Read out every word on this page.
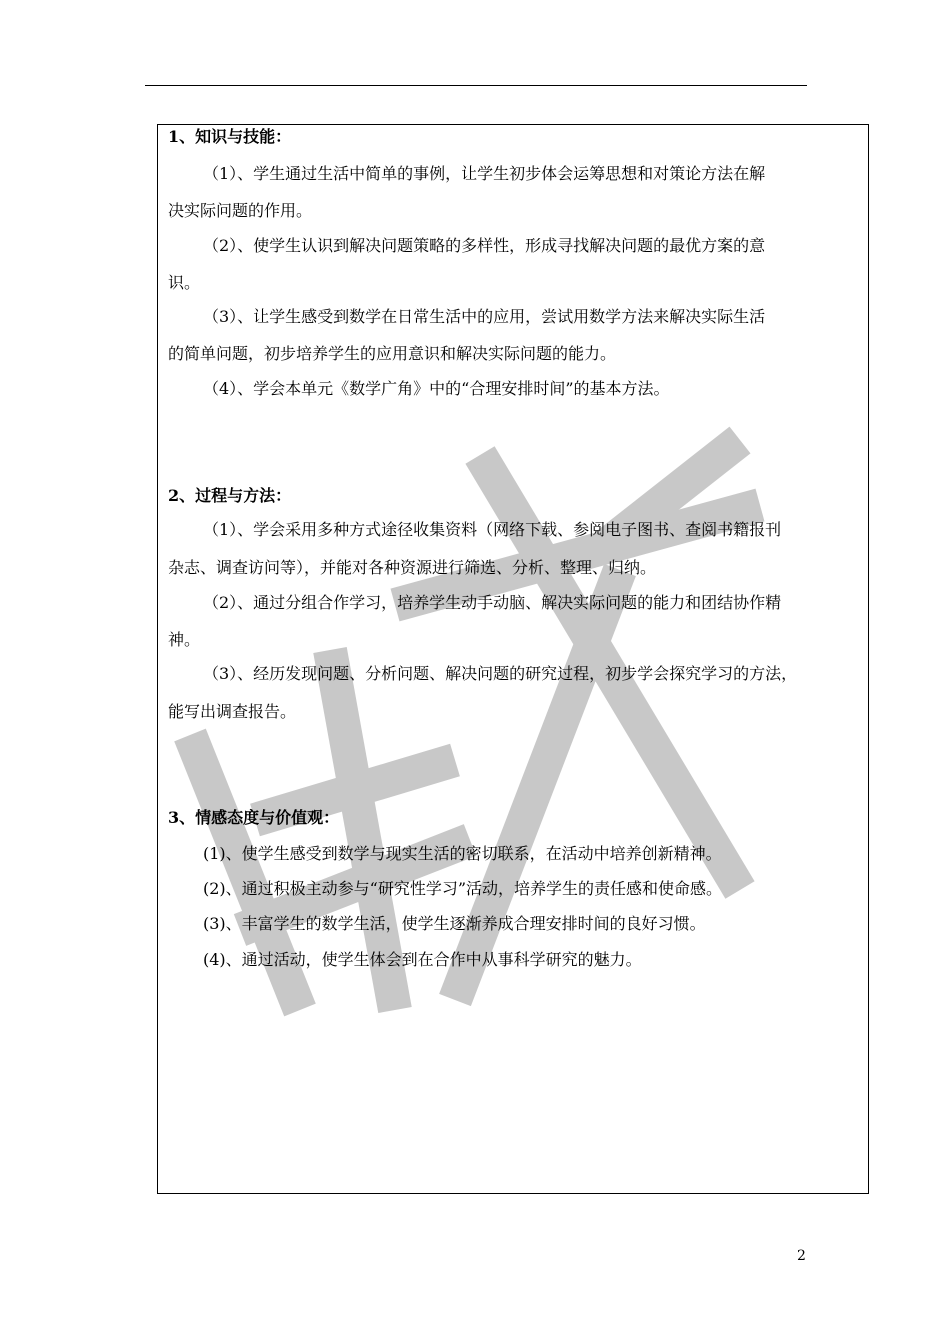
1、知识与技能：
（1）、学生通过生活中简单的事例，让学生初步体会运筹思想和对策论方法在解
决实际问题的作用。
（2）、使学生认识到解决问题策略的多样性，形成寻找解决问题的最优方案的意
识。
（3）、让学生感受到数学在日常生活中的应用，尝试用数学方法来解决实际生活
的简单问题，初步培养学生的应用意识和解决实际问题的能力。
（4）、学会本单元《数学广角》中的“合理安排时间”的基本方法。
2、过程与方法：
（1）、学会采用多种方式途径收集资料（网络下载、参阅电子图书、查阅书籍报刊
杂志、调查访问等），并能对各种资源进行筛选、分析、整理、归纳。
（2）、通过分组合作学习，培养学生动手动脑、解决实际问题的能力和团结协作精
神。
（3）、经历发现问题、分析问题、解决问题的研究过程，初步学会探究学习的方法，
能写出调查报告。
3、情感态度与价值观：
(1)、使学生感受到数学与现实生活的密切联系，在活动中培养创新精神。
(2)、通过积极主动参与“研究性学习”活动，培养学生的责任感和使命感。
(3)、丰富学生的数学生活，使学生逐渐养成合理安排时间的良好习惯。
(4)、通过活动，使学生体会到在合作中从事科学研究的魅力。
2
